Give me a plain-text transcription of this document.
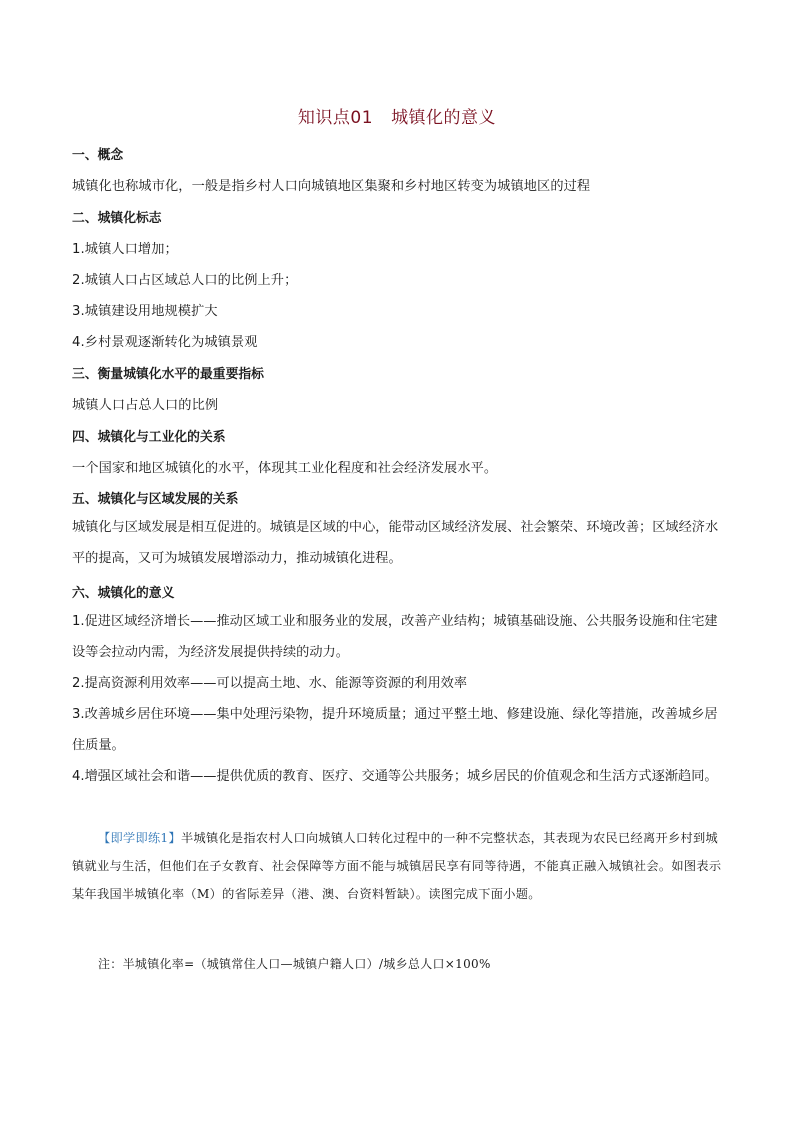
知识点01 城镇化的意义
一、概念
城镇化也称城市化，一般是指乡村人口向城镇地区集聚和乡村地区转变为城镇地区的过程
二、城镇化标志
1.城镇人口增加；
2.城镇人口占区域总人口的比例上升；
3.城镇建设用地规模扩大
4.乡村景观逐渐转化为城镇景观
三、衡量城镇化水平的最重要指标
城镇人口占总人口的比例
四、城镇化与工业化的关系
一个国家和地区城镇化的水平，体现其工业化程度和社会经济发展水平。
五、城镇化与区域发展的关系
城镇化与区域发展是相互促进的。城镇是区域的中心，能带动区域经济发展、社会繁荣、环境改善；区域经济水平的提高，又可为城镇发展增添动力，推动城镇化进程。
六、城镇化的意义
1.促进区域经济增长——推动区域工业和服务业的发展，改善产业结构；城镇基础设施、公共服务设施和住宅建设等会拉动内需，为经济发展提供持续的动力。
2.提高资源利用效率——可以提高土地、水、能源等资源的利用效率
3.改善城乡居住环境——集中处理污染物，提升环境质量；通过平整土地、修建设施、绿化等措施，改善城乡居住质量。
4.增强区域社会和谐——提供优质的教育、医疗、交通等公共服务；城乡居民的价值观念和生活方式逐渐趋同。
【即学即练1】半城镇化是指农村人口向城镇人口转化过程中的一种不完整状态，其表现为农民已经离开乡村到城镇就业与生活，但他们在子女教育、社会保障等方面不能与城镇居民享有同等待遇，不能真正融入城镇社会。如图表示某年我国半城镇化率（M）的省际差异（港、澳、台资料暂缺）。读图完成下面小题。
注：半城镇化率=（城镇常住人口—城镇户籍人口）/城乡总人口×100%
